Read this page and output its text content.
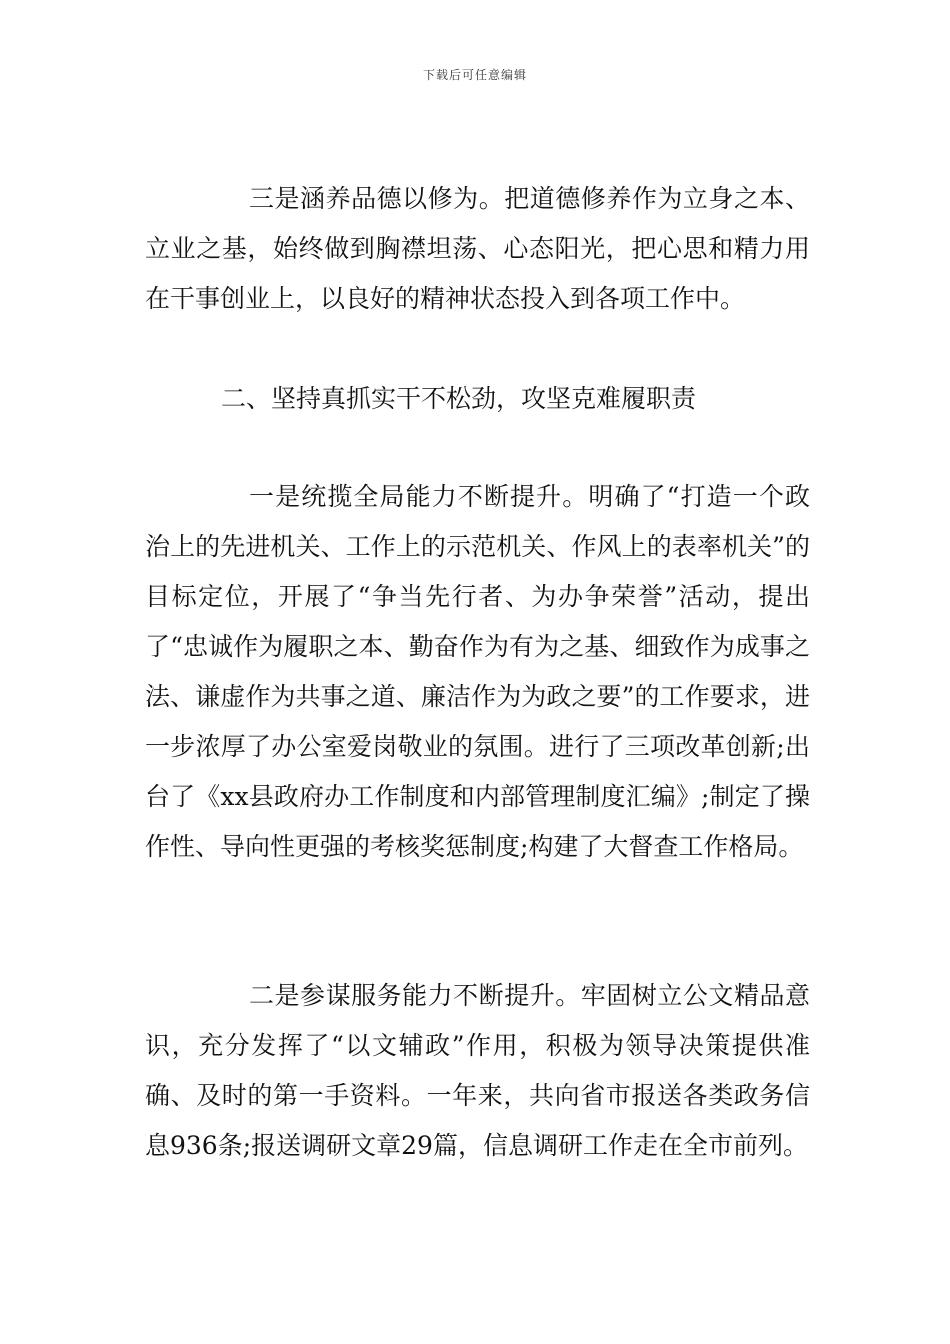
下载后可任意编辑

三是涵养品德以修为。把道德修养作为立身之本、立业之基，始终做到胸襟坦荡、心态阳光，把心思和精力用在干事创业上，以良好的精神状态投入到各项工作中。

二、坚持真抓实干不松劲，攻坚克难履职责

一是统揽全局能力不断提升。明确了“打造一个政治上的先进机关、工作上的示范机关、作风上的表率机关”的目标定位，开展了“争当先行者、为办争荣誉”活动，提出了“忠诚作为履职之本、勤奋作为有为之基、细致作为成事之法、谦虚作为共事之道、廉洁作为为政之要”的工作要求，进一步浓厚了办公室爱岗敬业的氛围。进行了三项改革创新;出台了《xx县政府办工作制度和内部管理制度汇编》;制定了操作性、导向性更强的考核奖惩制度;构建了大督查工作格局。

二是参谋服务能力不断提升。牢固树立公文精品意识，充分发挥了“以文辅政”作用，积极为领导决策提供准确、及时的第一手资料。一年来，共向省市报送各类政务信息936条;报送调研文章29篇，信息调研工作走在全市前列。
